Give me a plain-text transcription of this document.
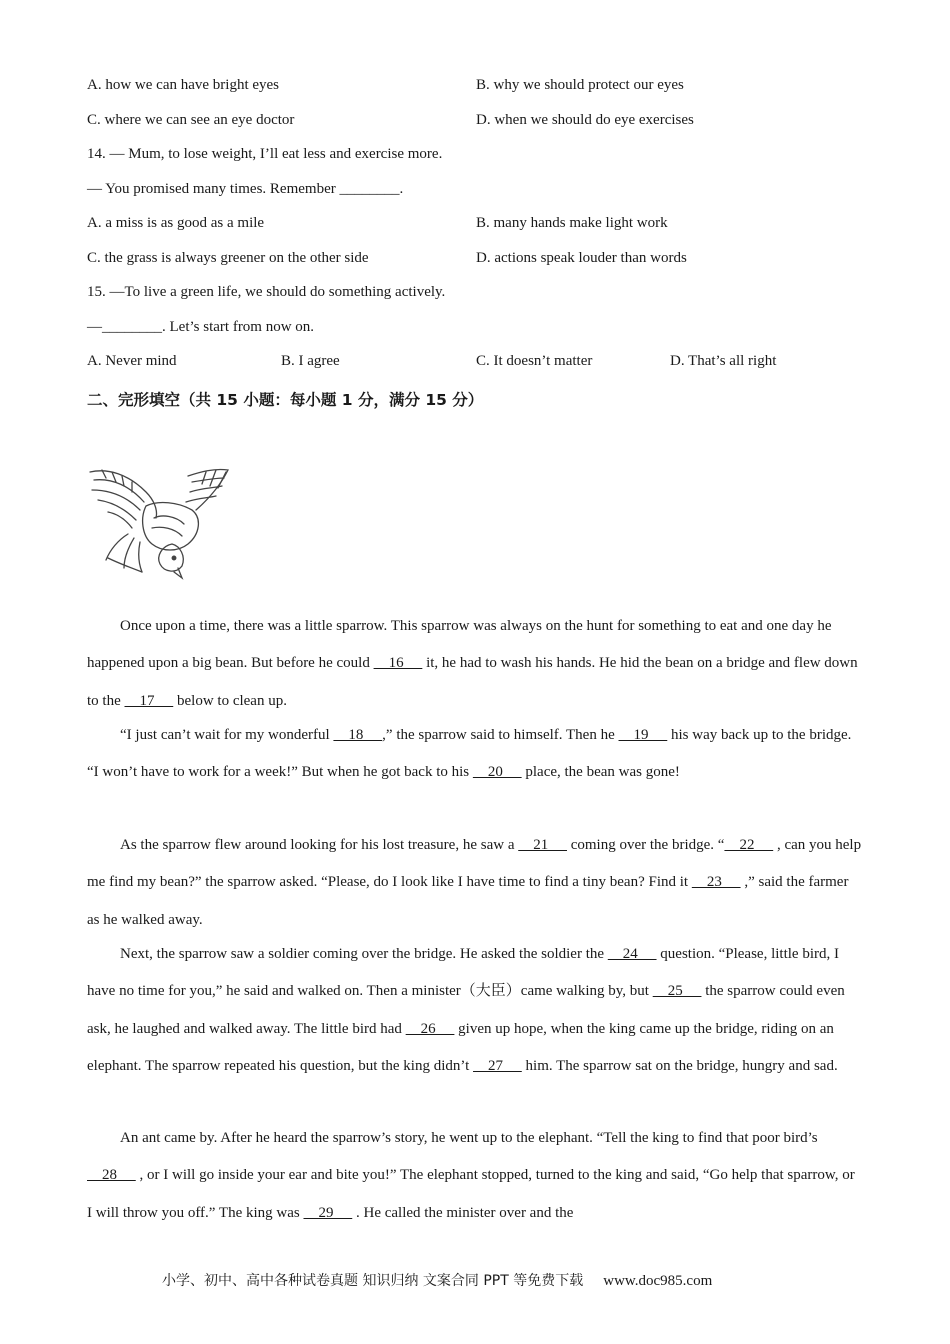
A. how we can have bright eyes	B. why we should protect our eyes
C. where we can see an eye doctor	D. when we should do eye exercises
14. — Mum, to lose weight, I’ll eat less and exercise more.
— You promised many times. Remember ________.
A. a miss is as good as a mile	B. many hands make light work
C. the grass is always greener on the other side	D. actions speak louder than words
15. —To live a green life, we should do something actively.
—________. Let’s start from now on.
A. Never mind	B. I agree	C. It doesn’t matter	D. That’s all right
二、完形填空（共 15 小题：每小题 1 分，满分 15 分）

Once upon a time, there was a little sparrow. This sparrow was always on the hunt for something to eat and one day he happened upon a big bean. But before he could     16      it, he had to wash his hands. He hid the bean on a bridge and flew down to the     17      below to clean up.

“I just can’t wait for my wonderful     18     ,” the sparrow said to himself. Then he     19      his way back up to the bridge. “I won’t have to work for a week!” But when he got back to his     20      place, the bean was gone!

As the sparrow flew around looking for his lost treasure, he saw a     21      coming over the bridge. “    22      , can you help me find my bean?” the sparrow asked. “Please, do I look like I have time to find a tiny bean? Find it     23      ,” said the farmer as he walked away.

Next, the sparrow saw a soldier coming over the bridge. He asked the soldier the     24      question. “Please, little bird, I have no time for you,” he said and walked on. Then a minister（大臣）came walking by, but     25      the sparrow could even ask, he laughed and walked away. The little bird had     26      given up hope, when the king came up the bridge, riding on an elephant. The sparrow repeated his question, but the king didn’t     27      him. The sparrow sat on the bridge, hungry and sad.

An ant came by. After he heard the sparrow’s story, he went up to the elephant. “Tell the king to find that poor bird’s     28      , or I will go inside your ear and bite you!” The elephant stopped, turned to the king and said, “Go help that sparrow, or I will throw you off.” The king was     29      . He called the minister over and the

小学、初中、高中各种试卷真题 知识归纳 文案合同 PPT 等免费下载 www.doc985.com
